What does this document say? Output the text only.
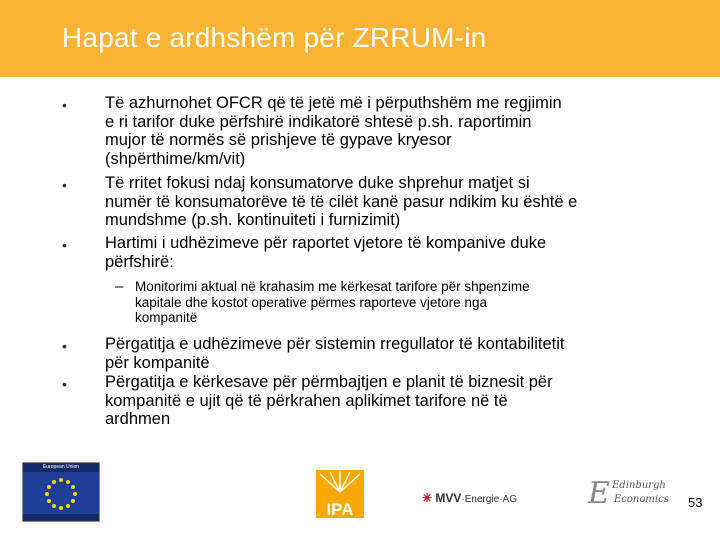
Hapat e ardhshëm për ZRRUM-in
• Të azhurnohet OFCR që të jetë më i përputhshëm me regjimin
e ri tarifor duke përfshirë indikatorë shtesë p.sh. raportimin
mujor të normës së prishjeve të gypave kryesor
(shpërthime/km/vit)
• Të rritet fokusi ndaj konsumatorve duke shprehur matjet si
numër të konsumatorëve të të cilët kanë pasur ndikim ku është e
mundshme (p.sh. kontinuiteti i furnizimit)
• Hartimi i udhëzimeve për raportet vjetore të kompanive duke
përfshirë:
– Monitorimi aktual në krahasim me kërkesat tarifore për shpenzime
kapitale dhe kostot operative përmes raporteve vjetore nga
kompanitë
• Përgatitja e udhëzimeve për sistemin rregullator të kontabilitetit
për kompanitë
• Përgatitja e kërkesave për përmbajtjen e planit të biznesit për
kompanitë e ujit që të përkrahen aplikimet tarifore në të
ardhmen
European Union
IPA
✳ MVV·Energie·AG E Edinburgh
Economics 53
